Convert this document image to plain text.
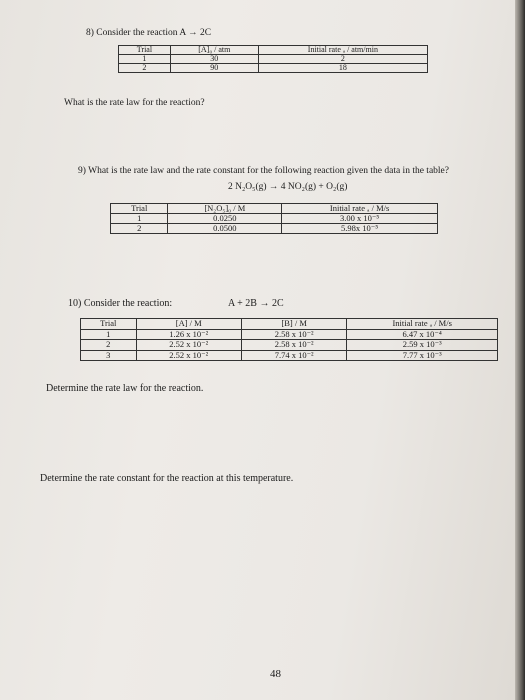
8) Consider the reaction A → 2C
Trial	[A]₀ / atm	Initial rate ₐ / atm/min
1	30	2
2	90	18
What is the rate law for the reaction?
9) What is the rate law and the rate constant for the following reaction given the data in the table?
2 N₂O₅(g) → 4 NO₂(g) + O₂(g)
Trial	[N₂O₅]₀ / M	Initial rate ₐ / M/s
1	0.0250	3.00 x 10⁻⁵
2	0.0500	5.98x 10⁻⁵
10) Consider the reaction:	A + 2B → 2C
Trial	[A] / M	[B] / M	Initial rate ₐ / M/s
1	1.26 x 10⁻²	2.58 x 10⁻²	6.47 x 10⁻⁴
2	2.52 x 10⁻²	2.58 x 10⁻²	2.59 x 10⁻³
3	2.52 x 10⁻²	7.74 x 10⁻²	7.77 x 10⁻³
Determine the rate law for the reaction.
Determine the rate constant for the reaction at this temperature.
48
